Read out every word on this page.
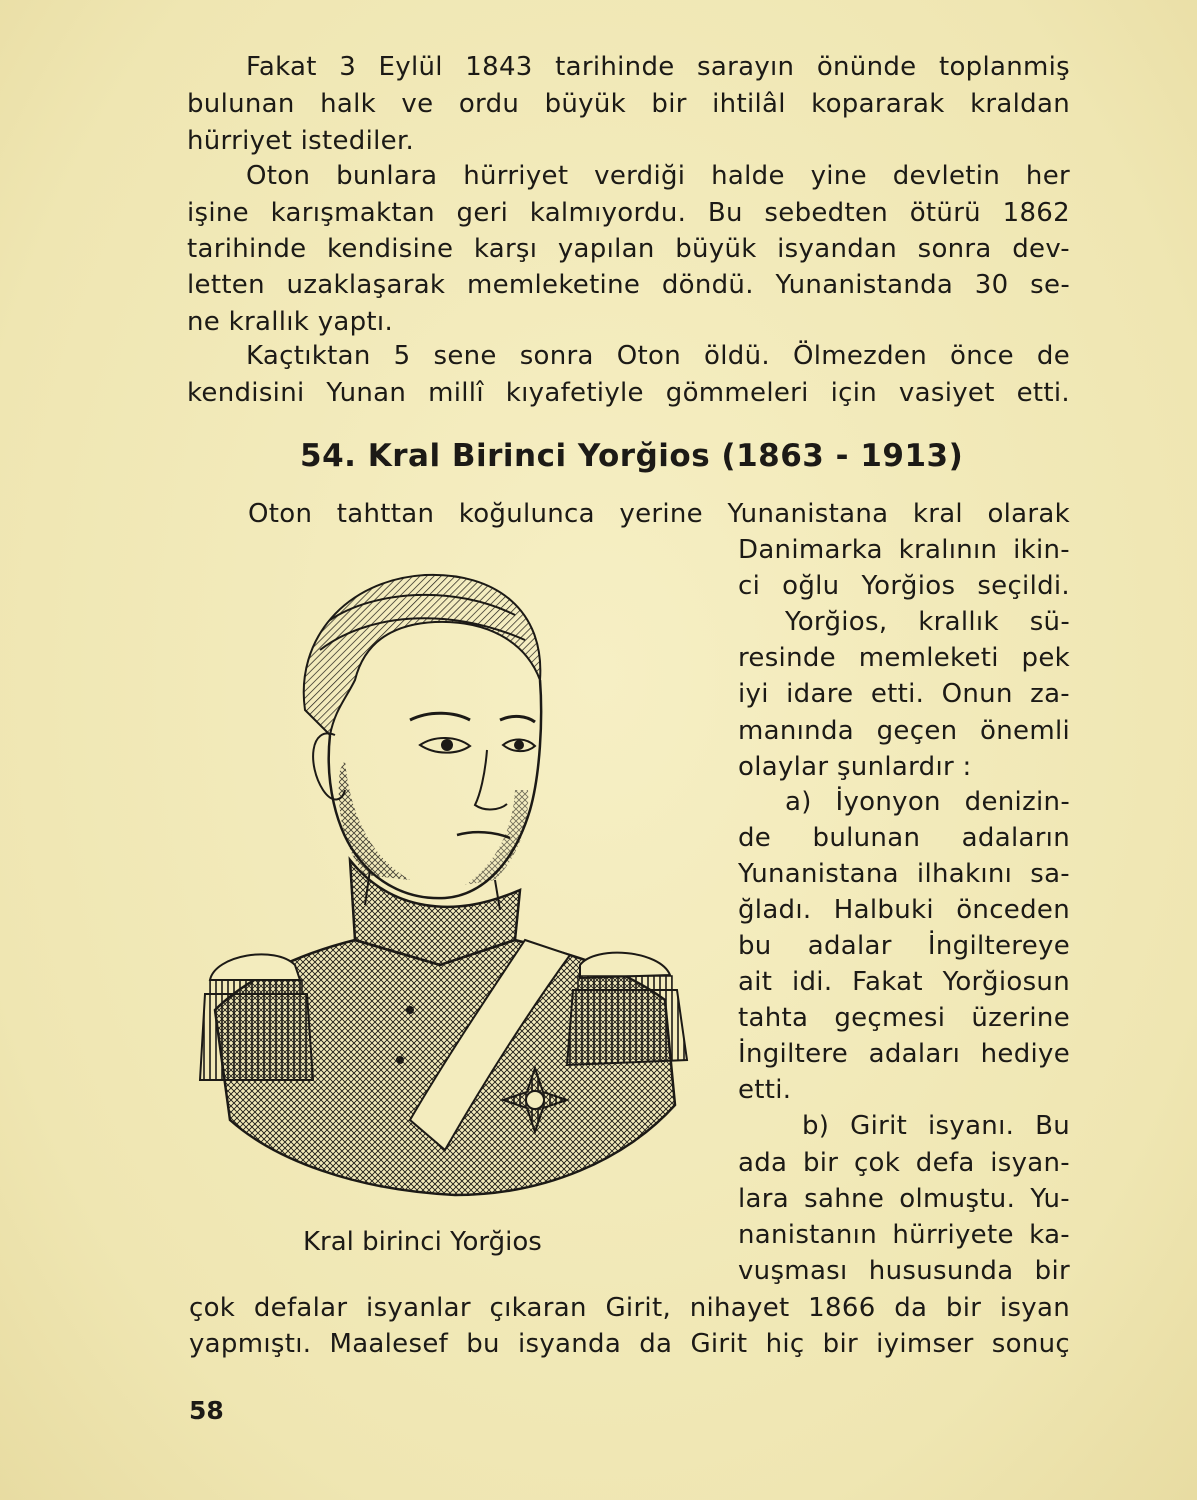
Fakat 3 Eylül 1843 tarihinde sarayın önünde toplanmiş
bulunan halk ve ordu büyük bir ihtilâl kopararak kraldan
hürriyet istediler.
Oton bunlara hürriyet verdiği halde yine devletin her
işine karışmaktan geri kalmıyordu. Bu sebedten ötürü 1862
tarihinde kendisine karşı yapılan büyük isyandan sonra dev-
letten uzaklaşarak memleketine döndü. Yunanistanda 30 se-
ne krallık yaptı.
Kaçtıktan 5 sene sonra Oton öldü. Ölmezden önce de
kendisini Yunan millî kıyafetiyle gömmeleri için vasiyet etti.
54. Kral Birinci Yorğios (1863 - 1913)
Oton tahttan koğulunca yerine Yunanistana kral olarak
Danimarka kralının ikin-
ci oğlu Yorğios seçildi.
Yorğios, krallık sü-
resinde memleketi pek
iyi idare etti. Onun za-
manında geçen önemli
olaylar şunlardır :
a) İyonyon denizin-
de bulunan adaların
Yunanistana ilhakını sa-
ğladı. Halbuki önceden
bu adalar İngiltereye
ait idi. Fakat Yorğiosun
tahta geçmesi üzerine
İngiltere adaları hediye
etti.
b) Girit isyanı. Bu
ada bir çok defa isyan-
lara sahne olmuştu. Yu-
nanistanın hürriyete ka-
vuşması hususunda bir
Kral birinci Yorğios
çok defalar isyanlar çıkaran Girit, nihayet 1866 da bir isyan
yapmıştı. Maalesef bu isyanda da Girit hiç bir iyimser sonuç
58
